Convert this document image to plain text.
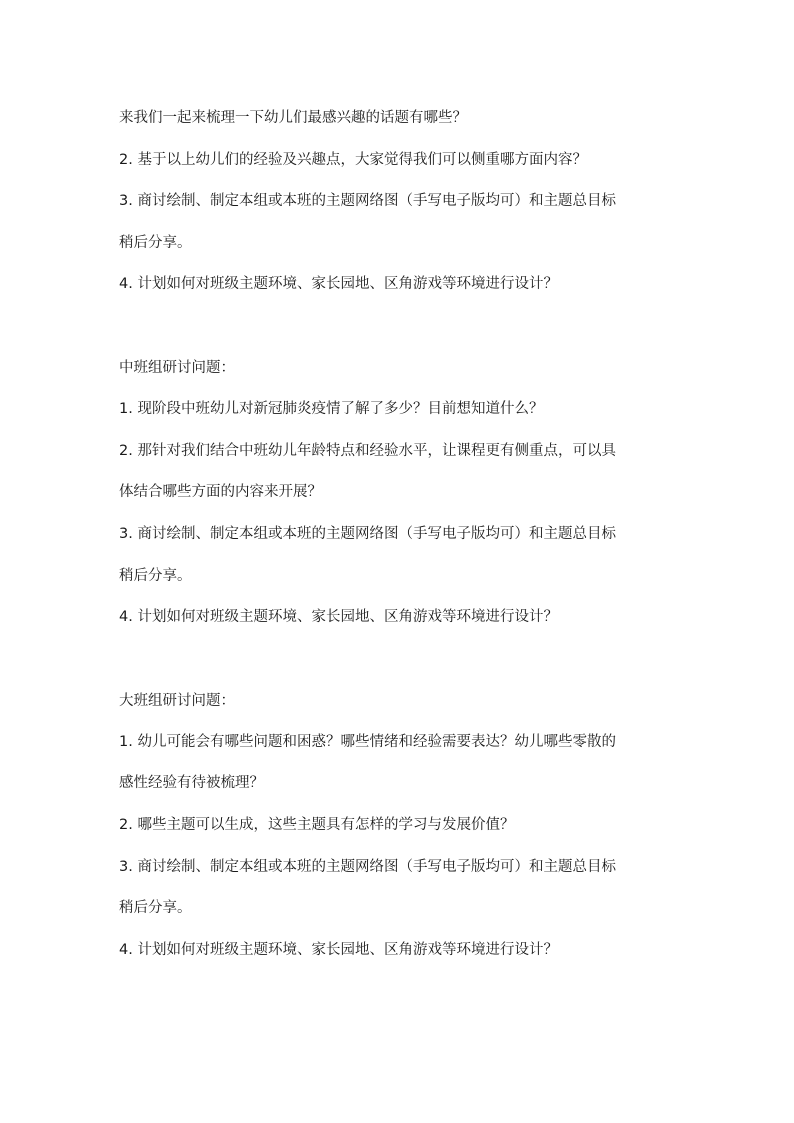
来我们一起来梳理一下幼儿们最感兴趣的话题有哪些？
2. 基于以上幼儿们的经验及兴趣点，大家觉得我们可以侧重哪方面内容？
3. 商讨绘制、制定本组或本班的主题网络图（手写电子版均可）和主题总目标
稍后分享。
4. 计划如何对班级主题环境、家长园地、区角游戏等环境进行设计？
中班组研讨问题：
1. 现阶段中班幼儿对新冠肺炎疫情了解了多少？目前想知道什么？
2. 那针对我们结合中班幼儿年龄特点和经验水平，让课程更有侧重点，可以具
体结合哪些方面的内容来开展？
3. 商讨绘制、制定本组或本班的主题网络图（手写电子版均可）和主题总目标
稍后分享。
4. 计划如何对班级主题环境、家长园地、区角游戏等环境进行设计？
大班组研讨问题：
1. 幼儿可能会有哪些问题和困惑？哪些情绪和经验需要表达？幼儿哪些零散的
感性经验有待被梳理？
2. 哪些主题可以生成，这些主题具有怎样的学习与发展价值？
3. 商讨绘制、制定本组或本班的主题网络图（手写电子版均可）和主题总目标
稍后分享。
4. 计划如何对班级主题环境、家长园地、区角游戏等环境进行设计？
